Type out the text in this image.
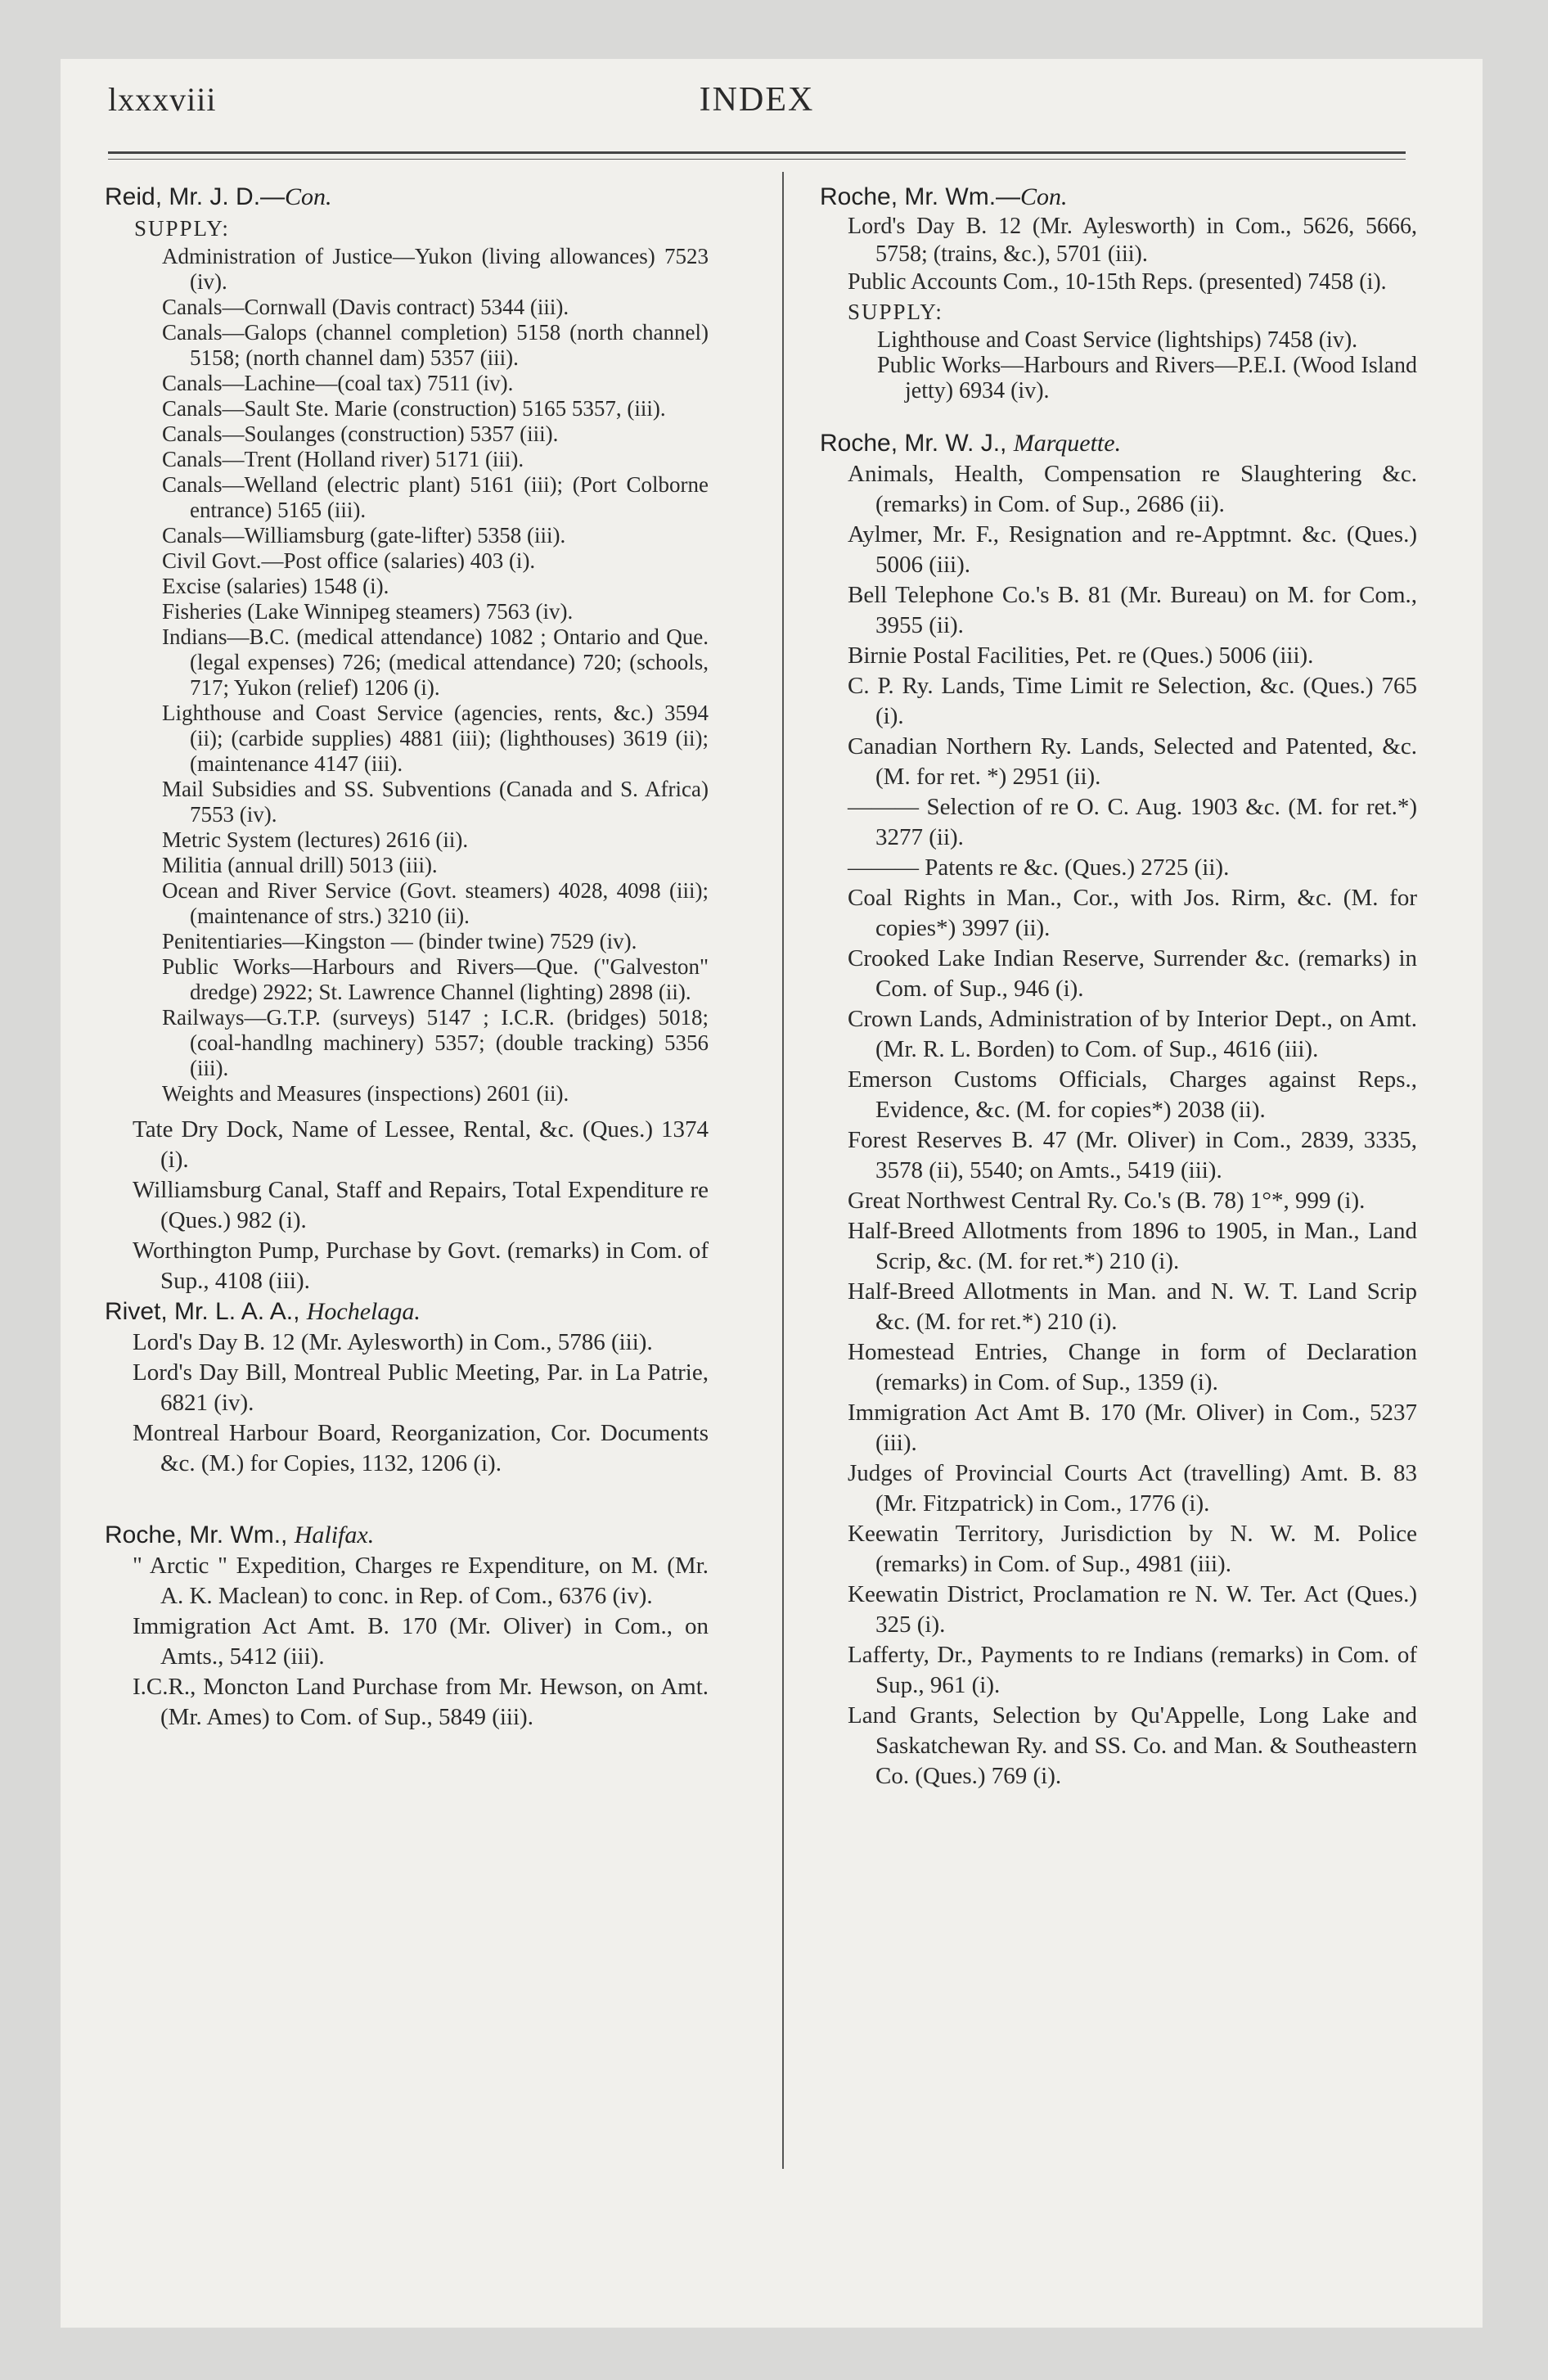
lxxxviii	INDEX

Reid, Mr. J. D.—Con.

SUPPLY:
Administration of Justice—Yukon (living allowances) 7523 (iv).
Canals—Cornwall (Davis contract) 5344 (iii).
Canals—Galops (channel completion) 5158 (north channel) 5158; (north channel dam) 5357 (iii).
Canals—Lachine—(coal tax) 7511 (iv).
Canals—Sault Ste. Marie (construction) 5165 5357, (iii).
Canals—Soulanges (construction) 5357 (iii).
Canals—Trent (Holland river) 5171 (iii).
Canals—Welland (electric plant) 5161 (iii); (Port Colborne entrance) 5165 (iii).
Canals—Williamsburg (gate-lifter) 5358 (iii).
Civil Govt.—Post office (salaries) 403 (i).
Excise (salaries) 1548 (i).
Fisheries (Lake Winnipeg steamers) 7563 (iv).
Indians—B.C. (medical attendance) 1082 ; Ontario and Que. (legal expenses) 726; (medical attendance) 720; (schools, 717; Yukon (relief) 1206 (i).
Lighthouse and Coast Service (agencies, rents, &c.) 3594 (ii); (carbide supplies) 4881 (iii); (lighthouses) 3619 (ii); (maintenance 4147 (iii).
Mail Subsidies and SS. Subventions (Canada and S. Africa) 7553 (iv).
Metric System (lectures) 2616 (ii).
Militia (annual drill) 5013 (iii).
Ocean and River Service (Govt. steamers) 4028, 4098 (iii); (maintenance of strs.) 3210 (ii).
Penitentiaries—Kingston — (binder twine) 7529 (iv).
Public Works—Harbours and Rivers—Que. ("Galveston" dredge) 2922; St. Lawrence Channel (lighting) 2898 (ii).
Railways—G.T.P. (surveys) 5147 ; I.C.R. (bridges) 5018; (coal-handlng machinery) 5357; (double tracking) 5356 (iii).
Weights and Measures (inspections) 2601 (ii).
Tate Dry Dock, Name of Lessee, Rental, &c. (Ques.) 1374 (i).
Williamsburg Canal, Staff and Repairs, Total Expenditure re (Ques.) 982 (i).
Worthington Pump, Purchase by Govt. (remarks) in Com. of Sup., 4108 (iii).

Rivet, Mr. L. A. A., Hochelaga.

Lord's Day B. 12 (Mr. Aylesworth) in Com., 5786 (iii).
Lord's Day Bill, Montreal Public Meeting, Par. in La Patrie, 6821 (iv).
Montreal Harbour Board, Reorganization, Cor. Documents &c. (M.) for Copies, 1132, 1206 (i).

Roche, Mr. Wm., Halifax.

" Arctic " Expedition, Charges re Expenditure, on M. (Mr. A. K. Maclean) to conc. in Rep. of Com., 6376 (iv).
Immigration Act Amt. B. 170 (Mr. Oliver) in Com., on Amts., 5412 (iii).
I.C.R., Moncton Land Purchase from Mr. Hewson, on Amt. (Mr. Ames) to Com. of Sup., 5849 (iii).

Roche, Mr. Wm.—Con.

Lord's Day B. 12 (Mr. Aylesworth) in Com., 5626, 5666, 5758; (trains, &c.), 5701 (iii).
Public Accounts Com., 10-15th Reps. (presented) 7458 (i).
SUPPLY:
Lighthouse and Coast Service (lightships) 7458 (iv).
Public Works—Harbours and Rivers—P.E.I. (Wood Island jetty) 6934 (iv).

Roche, Mr. W. J., Marquette.

Animals, Health, Compensation re Slaughtering &c. (remarks) in Com. of Sup., 2686 (ii).
Aylmer, Mr. F., Resignation and re-Apptmnt. &c. (Ques.) 5006 (iii).
Bell Telephone Co.'s B. 81 (Mr. Bureau) on M. for Com., 3955 (ii).
Birnie Postal Facilities, Pet. re (Ques.) 5006 (iii).
C. P. Ry. Lands, Time Limit re Selection, &c. (Ques.) 765 (i).
Canadian Northern Ry. Lands, Selected and Patented, &c. (M. for ret. *) 2951 (ii).
——— Selection of re O. C. Aug. 1903 &c. (M. for ret.*) 3277 (ii).
——— Patents re &c. (Ques.) 2725 (ii).
Coal Rights in Man., Cor., with Jos. Rirm, &c. (M. for copies*) 3997 (ii).
Crooked Lake Indian Reserve, Surrender &c. (remarks) in Com. of Sup., 946 (i).
Crown Lands, Administration of by Interior Dept., on Amt. (Mr. R. L. Borden) to Com. of Sup., 4616 (iii).
Emerson Customs Officials, Charges against Reps., Evidence, &c. (M. for copies*) 2038 (ii).
Forest Reserves B. 47 (Mr. Oliver) in Com., 2839, 3335, 3578 (ii), 5540; on Amts., 5419 (iii).
Great Northwest Central Ry. Co.'s (B. 78) 1°*, 999 (i).
Half-Breed Allotments from 1896 to 1905, in Man., Land Scrip, &c. (M. for ret.*) 210 (i).
Half-Breed Allotments in Man. and N. W. T. Land Scrip &c. (M. for ret.*) 210 (i).
Homestead Entries, Change in form of Declaration (remarks) in Com. of Sup., 1359 (i).
Immigration Act Amt B. 170 (Mr. Oliver) in Com., 5237 (iii).
Judges of Provincial Courts Act (travelling) Amt. B. 83 (Mr. Fitzpatrick) in Com., 1776 (i).
Keewatin Territory, Jurisdiction by N. W. M. Police (remarks) in Com. of Sup., 4981 (iii).
Keewatin District, Proclamation re N. W. Ter. Act (Ques.) 325 (i).
Lafferty, Dr., Payments to re Indians (remarks) in Com. of Sup., 961 (i).
Land Grants, Selection by Qu'Appelle, Long Lake and Saskatchewan Ry. and SS. Co. and Man. & Southeastern Co. (Ques.) 769 (i).
